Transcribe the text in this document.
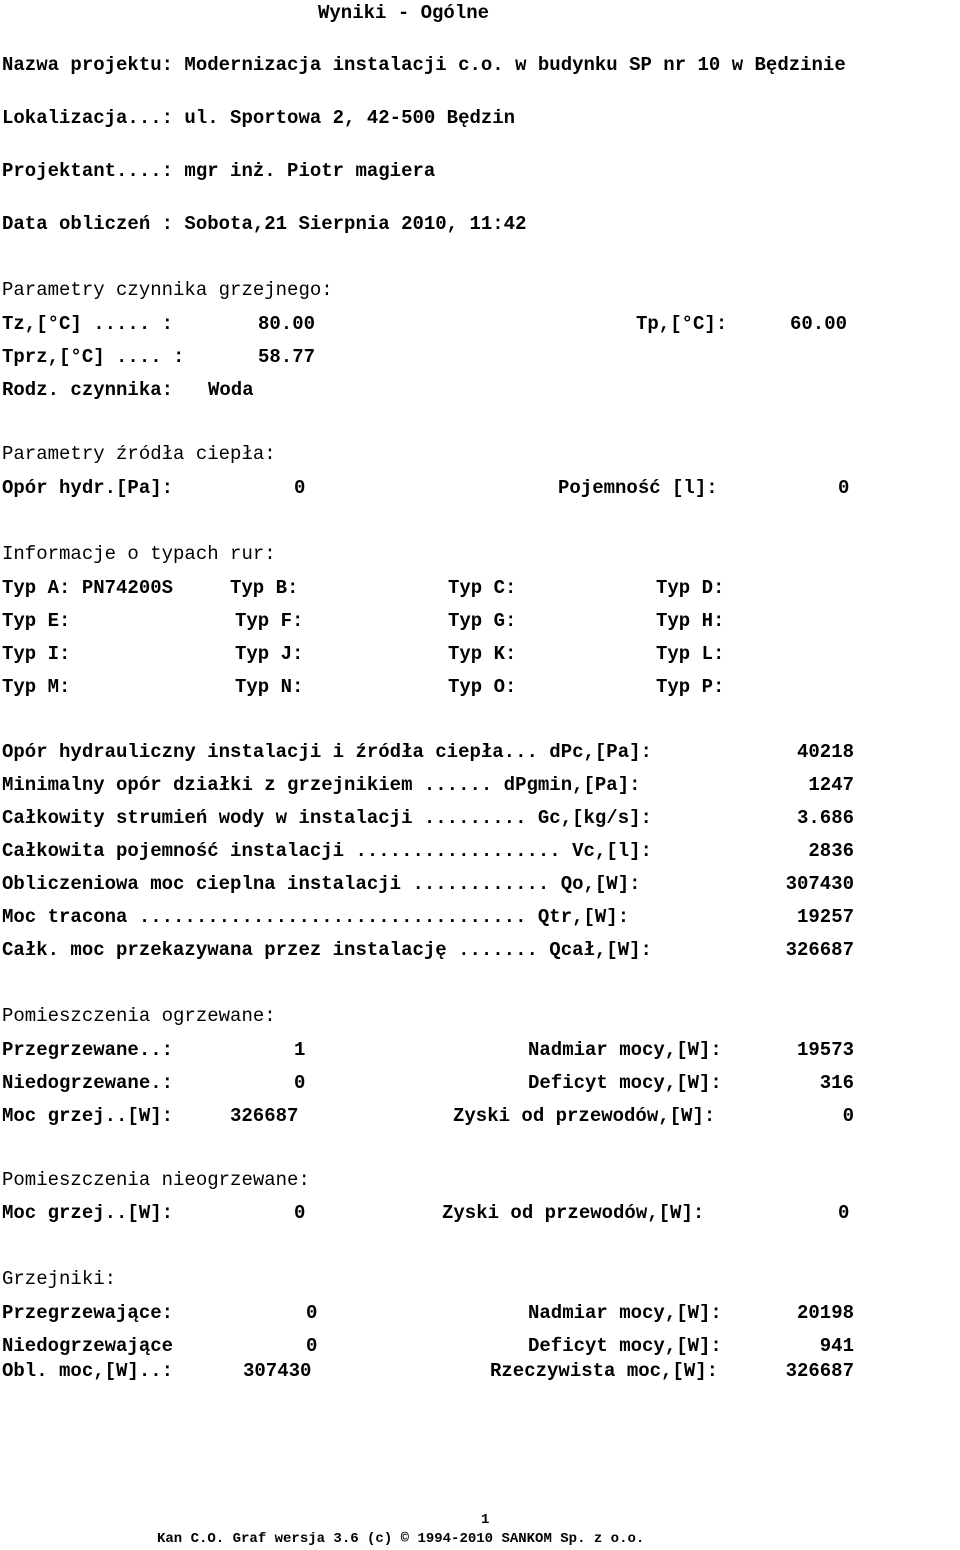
Wyniki - Ogólne
Nazwa projektu: Modernizacja instalacji c.o. w budynku SP nr 10 w Będzinie
Lokalizacja...: ul. Sportowa 2, 42-500 Będzin
Projektant....: mgr inż. Piotr magiera
Data obliczeń : Sobota,21 Sierpnia 2010, 11:42
Parametry czynnika grzejnego:
Tz,[°C] ..... :	80.00	Tp,[°C]:	60.00
Tprz,[°C] .... :	58.77
Rodz. czynnika: Woda
Parametry źródła ciepła:
Opór hydr.[Pa]:	0	Pojemność [l]:	0
Informacje o typach rur:
Typ A: PN74200S	Typ B:	Typ C:	Typ D:
Typ E:	Typ F:	Typ G:	Typ H:
Typ I:	Typ J:	Typ K:	Typ L:
Typ M:	Typ N:	Typ O:	Typ P:
Opór hydrauliczny instalacji i źródła ciepła... dPc,[Pa]:	40218
Minimalny opór działki z grzejnikiem ...... dPgmin,[Pa]:	1247
Całkowity strumień wody w instalacji ......... Gc,[kg/s]:	3.686
Całkowita pojemność instalacji .................. Vc,[l]:	2836
Obliczeniowa moc cieplna instalacji ............ Qo,[W]:	307430
Moc tracona .................................. Qtr,[W]:	19257
Całk. moc przekazywana przez instalację ....... Qcał,[W]:	326687
Pomieszczenia ogrzewane:
Przegrzewane..:	1	Nadmiar mocy,[W]:	19573
Niedogrzewane.:	0	Deficyt mocy,[W]:	316
Moc grzej..[W]:	326687	Zyski od przewodów,[W]:	0
Pomieszczenia nieogrzewane:
Moc grzej..[W]:	0	Zyski od przewodów,[W]:	0
Grzejniki:
Przegrzewające:	0	Nadmiar mocy,[W]:	20198
Niedogrzewające	0	Deficyt mocy,[W]:	941
Obl. moc,[W]..:	307430	Rzeczywista moc,[W]:	326687
1
Kan C.O. Graf wersja 3.6 (c) © 1994-2010 SANKOM Sp. z o.o.
